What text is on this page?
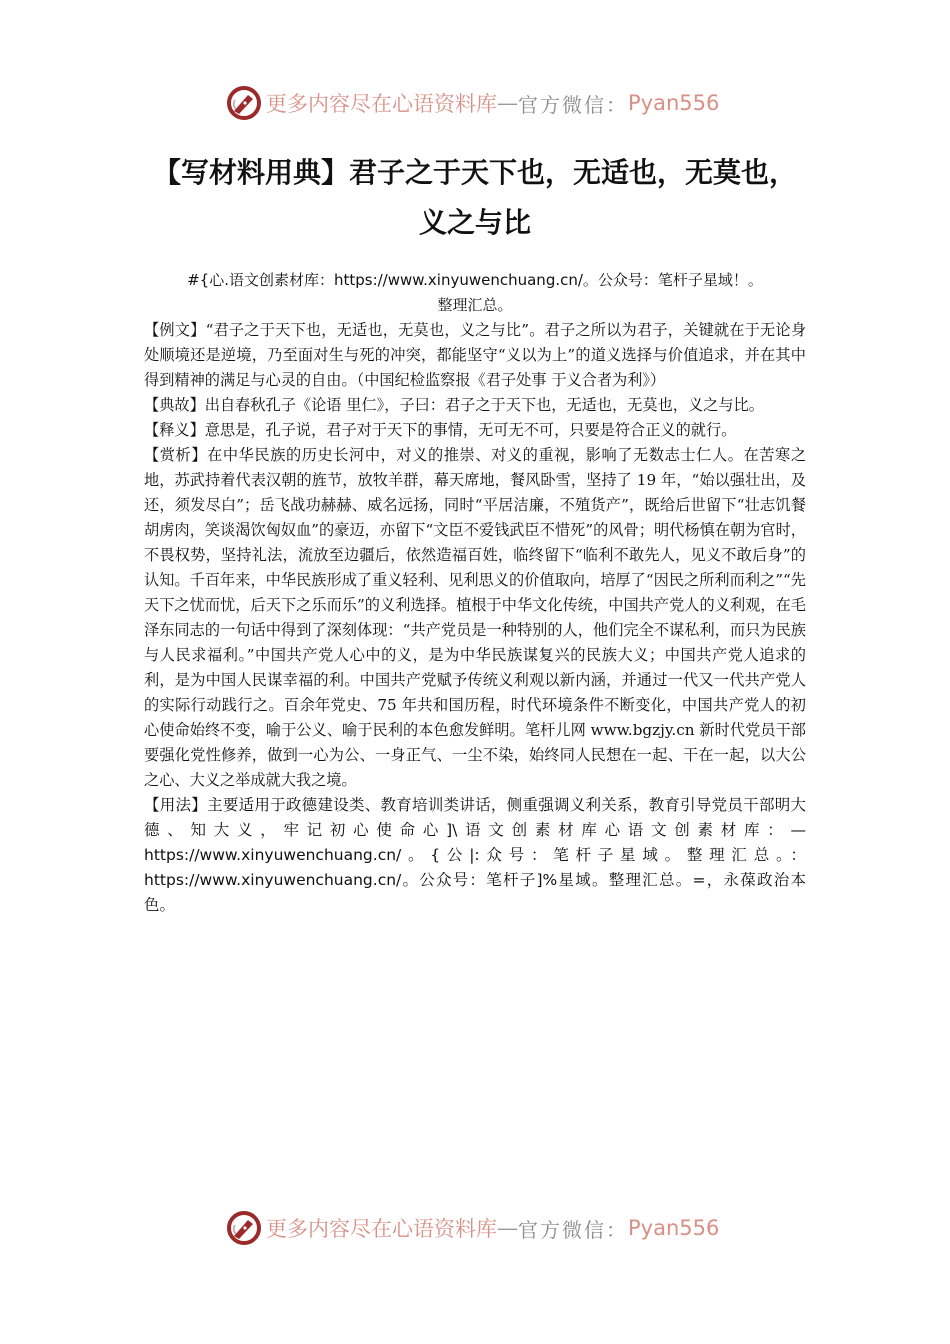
更多内容尽在心语资料库 — 官方微信： Pyan556
【写材料用典】君子之于天下也，无适也，无莫也，
义之与比
#{心.语文创素材库：https://www.xinyuwenchuang.cn/。公众号：笔杆子星域！。
整理汇总。

【例文】“君子之于天下也，无适也，无莫也，义之与比”。君子之所以为君子，关键就在于无论身处顺境还是逆境，乃至面对生与死的冲突，都能坚守“义以为上”的道义选择与价值追求，并在其中得到精神的满足与心灵的自由。（中国纪检监察报《君子处事 于义合者为利》）

【典故】出自春秋孔子《论语 里仁》，子曰：君子之于天下也，无适也，无莫也，义之与比。

【释义】意思是，孔子说，君子对于天下的事情，无可无不可，只要是符合正义的就行。

【赏析】在中华民族的历史长河中，对义的推崇、对义的重视，影响了无数志士仁人。在苦寒之地，苏武持着代表汉朝的旌节，放牧羊群，幕天席地，餐风卧雪，坚持了 19 年，“始以强壮出，及还，须发尽白”；岳飞战功赫赫、威名远扬，同时“平居洁廉，不殖货产”，既给后世留下“壮志饥餐胡虏肉，笑谈渴饮匈奴血”的豪迈，亦留下“文臣不爱钱武臣不惜死”的风骨；明代杨慎在朝为官时，不畏权势，坚持礼法，流放至边疆后，依然造福百姓，临终留下“临利不敢先人，见义不敢后身”的认知。千百年来，中华民族形成了重义轻利、见利思义的价值取向，培厚了“因民之所利而利之”“先天下之忧而忧，后天下之乐而乐”的义利选择。植根于中华文化传统，中国共产党人的义利观，在毛泽东同志的一句话中得到了深刻体现：“共产党员是一种特别的人，他们完全不谋私利，而只为民族与人民求福利。”中国共产党人心中的义，是为中华民族谋复兴的民族大义；中国共产党人追求的利，是为中国人民谋幸福的利。中国共产党赋予传统义利观以新内涵，并通过一代又一代共产党人的实际行动践行之。百余年党史、75 年共和国历程，时代环境条件不断变化，中国共产党人的初心使命始终不变，喻于公义、喻于民利的本色愈发鲜明。笔杆儿网 www.bgzjy.cn 新时代党员干部要强化党性修养，做到一心为公、一身正气、一尘不染，始终同人民想在一起、干在一起，以大公之心、大义之举成就大我之境。

【用法】主要适用于政德建设类、教育培训类讲话，侧重强调义利关系，教育引导党员干部明大德、知大义，牢记初心使命心]\语文创素材库心语文创素材库：—https://www.xinyuwenchuang.cn/。{公|:众号：笔杆子星域。整理汇总。：https://www.xinyuwenchuang.cn/。公众号：笔杆子]%星域。整理汇总。=，永葆政治本色。

更多内容尽在心语资料库 — 官方微信： Pyan556
